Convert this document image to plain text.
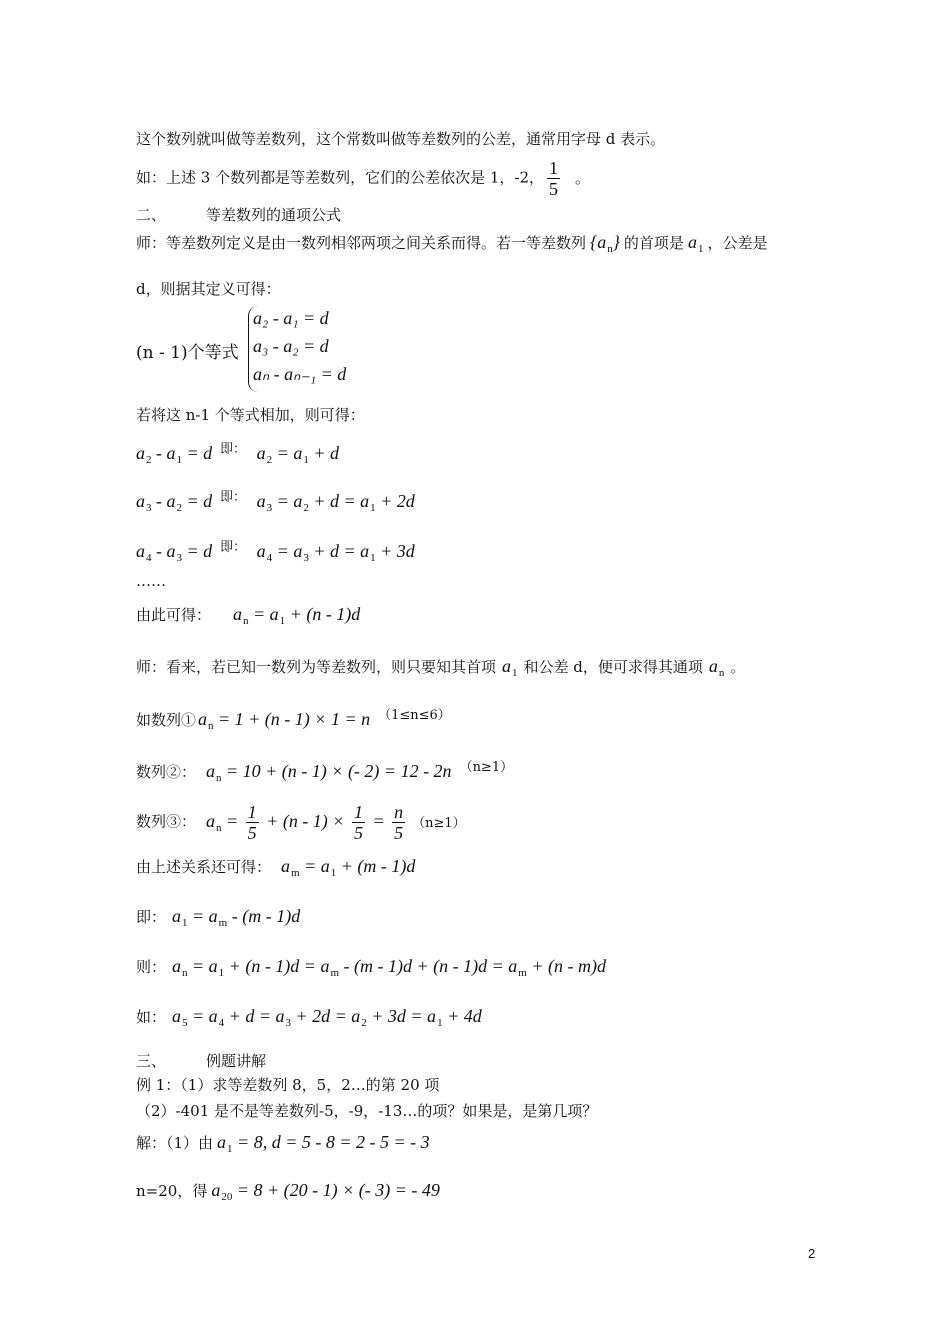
这个数列就叫做等差数列，这个常数叫做等差数列的公差，通常用字母 d 表示。
如：上述 3 个数列都是等差数列，它们的公差依次是 1，-2， $\frac{1}{5}$ 。
二、	等差数列的通项公式
师：等差数列定义是由一数列相邻两项之间关系而得。若一等差数列 $\{a_n\}$ 的首项是 $a_1$ ，公差是
d，则据其定义可得：
(n - 1)个等式
a₂ - a₁ = d
a₃ - a₂ = d
aₙ - aₙ₋₁ = d
若将这 n-1 个等式相加，则可得：
$a_2 - a_1 = d$ $^{即:}$ $a_2 = a_1 + d$
$a_3 - a_2 = d$ $^{即:}$ $a_3 = a_2 + d = a_1 + 2d$
$a_4 - a_3 = d$ $^{即:}$ $a_4 = a_3 + d = a_1 + 3d$
……
由此可得： $a_n = a_1 + (n - 1)d$
师：看来，若已知一数列为等差数列，则只要知其首项 $a_1$ 和公差 d，便可求得其通项 $a_n$ 。
如数列① $a_n = 1 + (n - 1) \times 1 = n$ （1≤n≤6）
数列②： $a_n = 10 + (n - 1)$ × (- 2) = 12 - 2n （n≥1）
数列③： $a_n = \frac{1}{5} + (n - 1) \times \frac{1}{5} = \frac{n}{5} (n\ge 1)$
由上述关系还可得： $a_m = a_1 + (m - 1)d$
即： $a_1 = a_m - (m - 1)d$
则： $a_n = a_1 + (n - 1)d = a_m - (m - 1)d + (n - 1)d = a_m + (n - m)d$
如： $a_5 = a_4 + d = a_3 + 2d = a_2 + 3d = a_1 + 4d$
三、	例题讲解
例 1：（1）求等差数列 8，5，2…的第 20 项
（2）-401 是不是等差数列-5，-9，-13…的项？如果是，是第几项？
解：（1）由 $a_1 = 8$, d = 5 - 8 = 2 - 5 = - 3
n=20，得 $a_{20} = 8 + (20 - 1)$ × (- 3) = - 49
2
